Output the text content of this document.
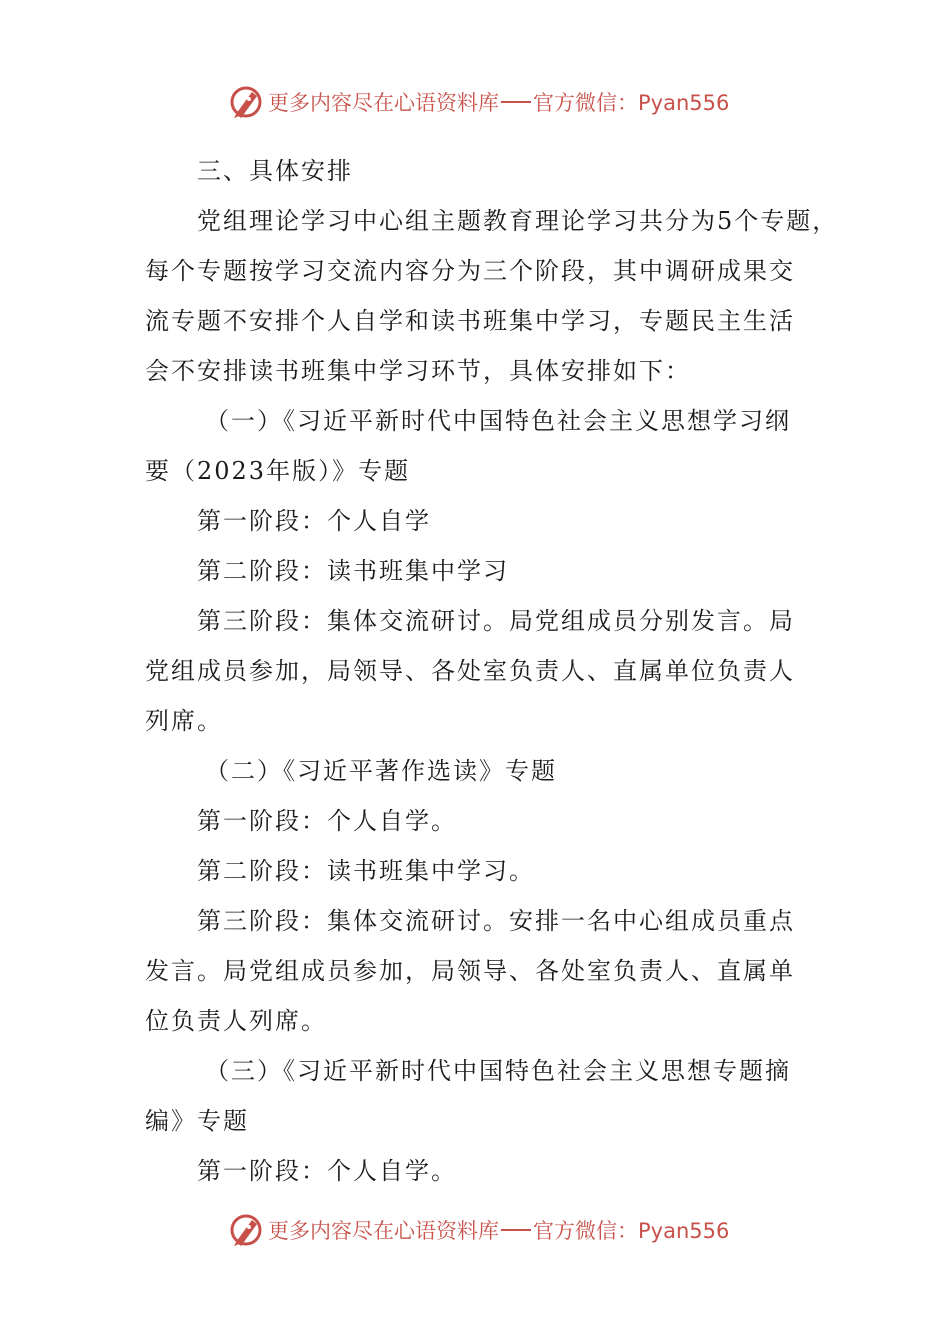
更多内容尽在心语资料库 官方微信：Pyan556

三、具体安排

党组理论学习中心组主题教育理论学习共分为5个专题，

每个专题按学习交流内容分为三个阶段，其中调研成果交

流专题不安排个人自学和读书班集中学习，专题民主生活

会不安排读书班集中学习环节，具体安排如下：

（一）《习近平新时代中国特色社会主义思想学习纲

要（2023年版）》专题

第一阶段：个人自学

第二阶段：读书班集中学习

第三阶段：集体交流研讨。局党组成员分别发言。局

党组成员参加，局领导、各处室负责人、直属单位负责人

列席。

（二）《习近平著作选读》专题

第一阶段：个人自学。

第二阶段：读书班集中学习。

第三阶段：集体交流研讨。安排一名中心组成员重点

发言。局党组成员参加，局领导、各处室负责人、直属单

位负责人列席。

（三）《习近平新时代中国特色社会主义思想专题摘

编》专题

第一阶段：个人自学。

更多内容尽在心语资料库 官方微信：Pyan556
